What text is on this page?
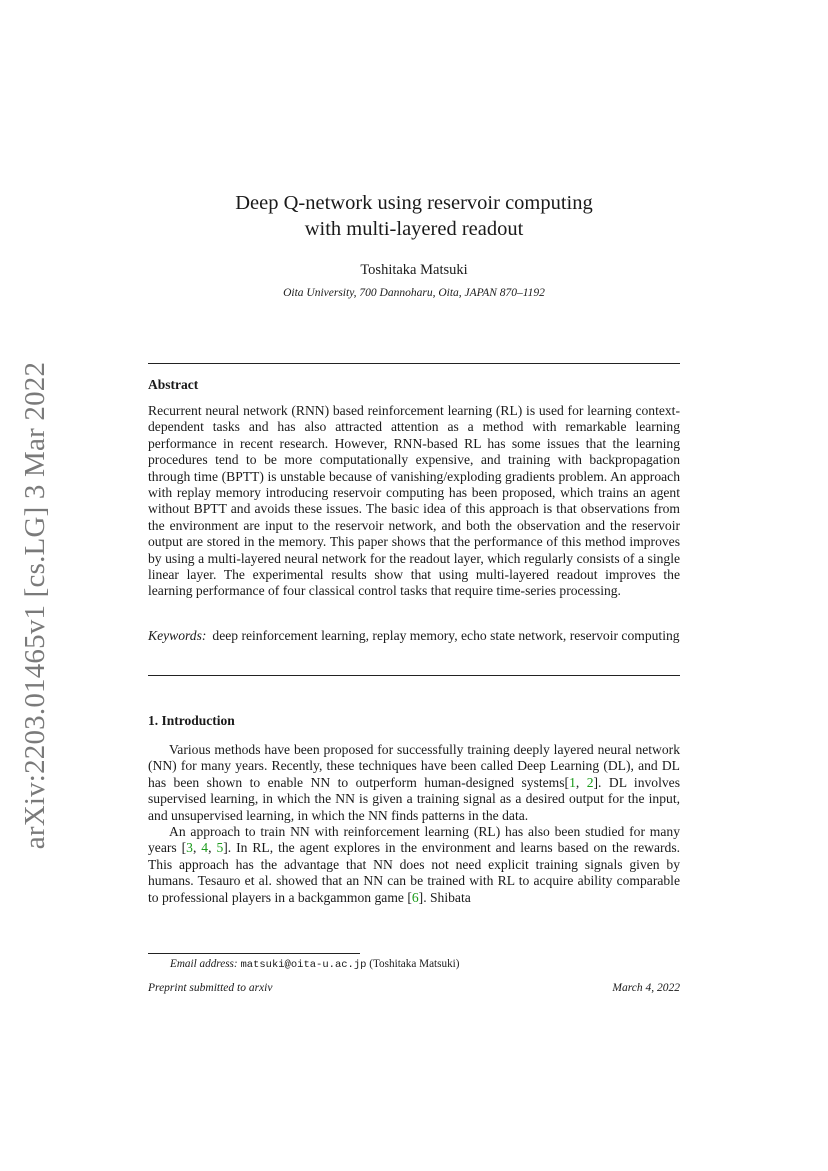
arXiv:2203.01465v1 [cs.LG] 3 Mar 2022
Deep Q-network using reservoir computing
with multi-layered readout
Toshitaka Matsuki
Oita University, 700 Dannoharu, Oita, JAPAN 870–1192
Abstract
Recurrent neural network (RNN) based reinforcement learning (RL) is used for learning context-dependent tasks and has also attracted attention as a method with remarkable learning performance in recent research. However, RNN-based RL has some issues that the learning procedures tend to be more computationally expensive, and training with backpropagation through time (BPTT) is unstable because of vanishing/exploding gradients problem. An approach with replay memory introducing reservoir computing has been proposed, which trains an agent without BPTT and avoids these issues. The basic idea of this approach is that observations from the environment are input to the reservoir network, and both the observation and the reservoir output are stored in the memory. This paper shows that the performance of this method improves by using a multi-layered neural network for the readout layer, which regularly consists of a single linear layer. The experimental results show that using multi-layered readout improves the learning performance of four classical control tasks that require time-series processing.
Keywords: deep reinforcement learning, replay memory, echo state network, reservoir computing
1. Introduction

Various methods have been proposed for successfully training deeply layered neural network (NN) for many years. Recently, these techniques have been called Deep Learning (DL), and DL has been shown to enable NN to outperform human-designed systems[1, 2]. DL involves supervised learning, in which the NN is given a training signal as a desired output for the input, and unsupervised learning, in which the NN finds patterns in the data.

An approach to train NN with reinforcement learning (RL) has also been studied for many years [3, 4, 5]. In RL, the agent explores in the environment and learns based on the rewards. This approach has the advantage that NN does not need explicit training signals given by humans. Tesauro et al. showed that an NN can be trained with RL to acquire ability comparable to professional players in a backgammon game [6]. Shibata

Email address: matsuki@oita-u.ac.jp (Toshitaka Matsuki)
Preprint submitted to arxiv	March 4, 2022
